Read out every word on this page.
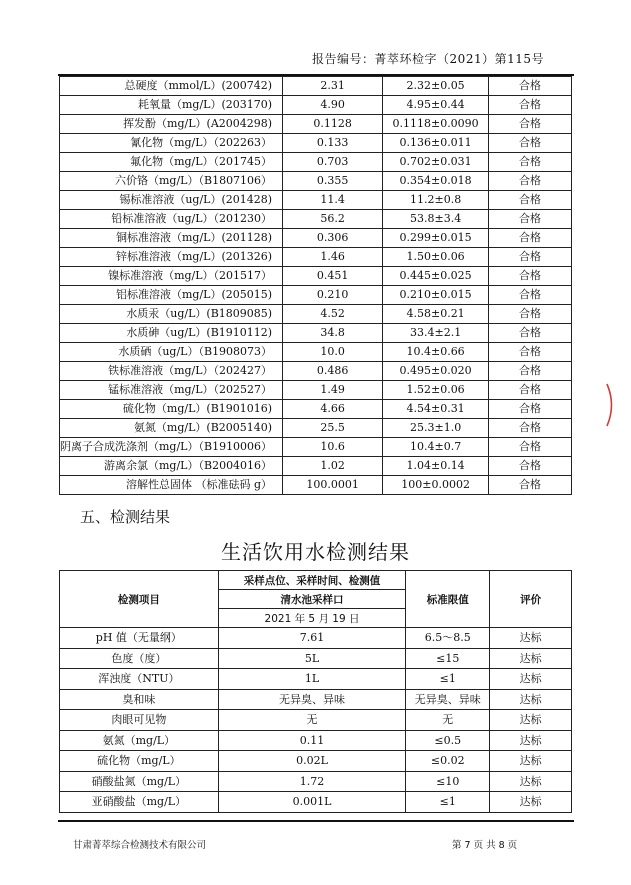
报告编号：菁萃环检字（2021）第115号
总硬度（mmol/L）(200742)	2.31	2.32±0.05	合格
耗氧量（mg/L）(203170)	4.90	4.95±0.44	合格
挥发酚（mg/L）(A2004298)	0.1128	0.1118±0.0090	合格
氰化物（mg/L）（202263）	0.133	0.136±0.011	合格
氟化物（mg/L）（201745）	0.703	0.702±0.031	合格
六价铬（mg/L）（B1807106）	0.355	0.354±0.018	合格
锡标准溶液（ug/L）(201428)	11.4	11.2±0.8	合格
铅标准溶液（ug/L）（201230）	56.2	53.8±3.4	合格
铜标准溶液（mg/L）(201128)	0.306	0.299±0.015	合格
锌标准溶液（mg/L）(201326)	1.46	1.50±0.06	合格
镍标准溶液（mg/L）（201517）	0.451	0.445±0.025	合格
铝标准溶液（mg/L）(205015)	0.210	0.210±0.015	合格
水质汞（ug/L）(B1809085)	4.52	4.58±0.21	合格
水质砷（ug/L）(B1910112)	34.8	33.4±2.1	合格
水质硒（ug/L）（B1908073）	10.0	10.4±0.66	合格
铁标准溶液（mg/L）（202427）	0.486	0.495±0.020	合格
锰标准溶液（mg/L）（202527）	1.49	1.52±0.06	合格
硫化物（mg/L）(B1901016)	4.66	4.54±0.31	合格
氨氮（mg/L）(B2005140)	25.5	25.3±1.0	合格
阴离子合成洗涤剂（mg/L）（B1910006）	10.6	10.4±0.7	合格
游离余氯（mg/L）（B2004016）	1.02	1.04±0.14	合格
溶解性总固体 （标准砝码 g）	100.0001	100±0.0002	合格
五、检测结果
生活饮用水检测结果
检测项目	采样点位、采样时间、检测值	标准限值	评价
	清水池采样口		
	2021 年 5 月 19 日		
pH 值（无量纲）	7.61	6.5～8.5	达标
色度（度）	5L	≤15	达标
浑浊度（NTU）	1L	≤1	达标
臭和味	无异臭、异味	无异臭、异味	达标
肉眼可见物	无	无	达标
氨氮（mg/L）	0.11	≤0.5	达标
硫化物（mg/L）	0.02L	≤0.02	达标
硝酸盐氮（mg/L）	1.72	≤10	达标
亚硝酸盐（mg/L）	0.001L	≤1	达标
甘肃菁萃综合检测技术有限公司	第 7 页 共 8 页
